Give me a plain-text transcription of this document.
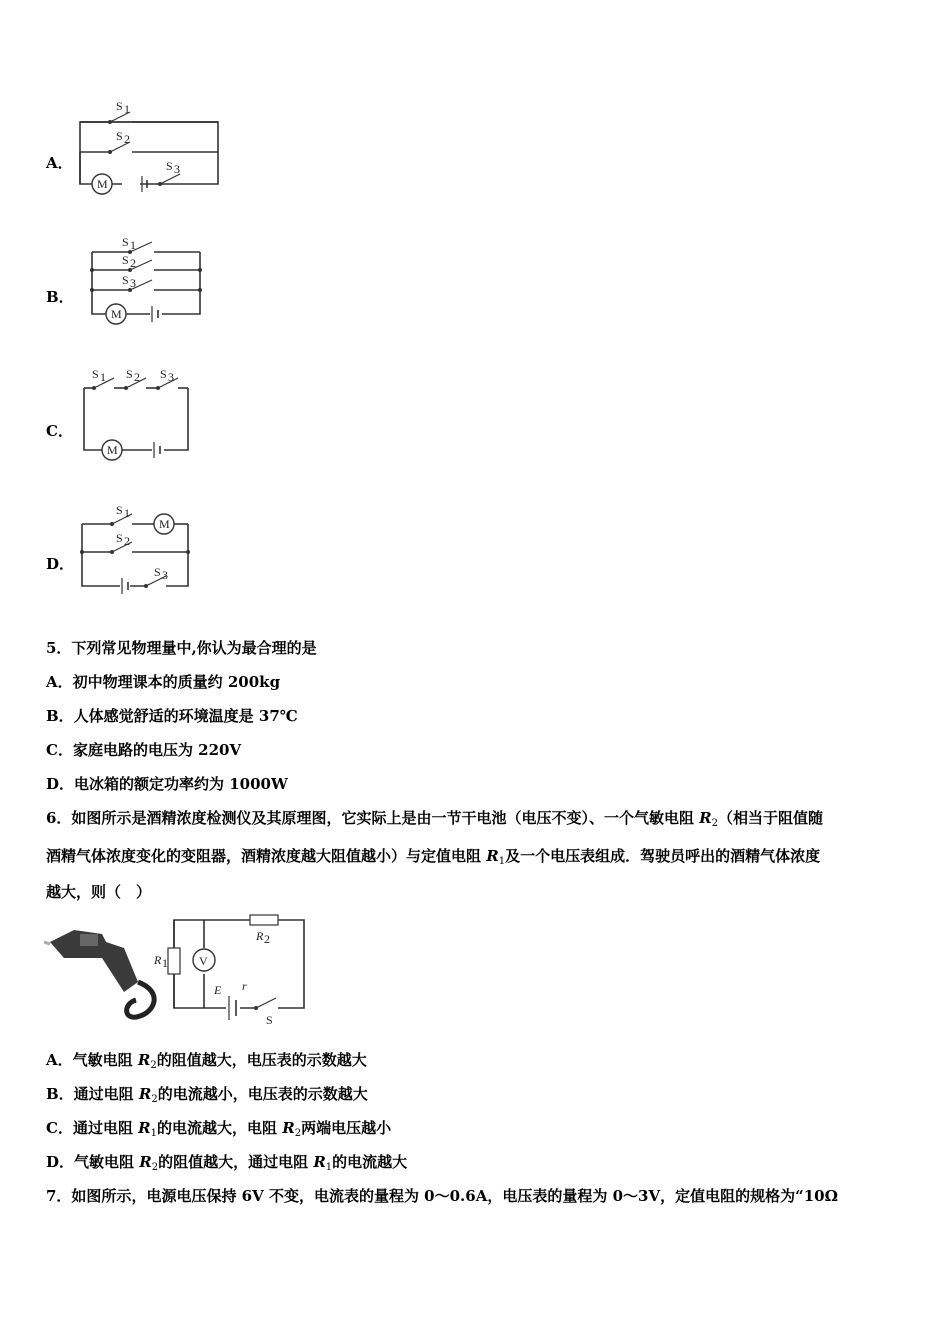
A．
S 1
S 2
M
S 3
B．
S 1
S 2
S 3
M
C．
S 1 S 2 S 3
M
D．
M
S 1
S 2
S 3
5．下列常见物理量中,你认为最合理的是
A．初中物理课本的质量约 200kg
B．人体感觉舒适的环境温度是 37℃
C．家庭电路的电压为 220V
D．电冰箱的额定功率约为 1000W
6．如图所示是酒精浓度检测仪及其原理图，它实际上是由一节干电池（电压不变）、一个气敏电阻 $R_2$（相当于阻值随
酒精气体浓度变化的变阻器，酒精浓度越大阻值越小）与定值电阻 $R_1$及一个电压表组成．驾驶员呼出的酒精气体浓度
越大，则（　）
R 2
R 1	V
E r
S
A．气敏电阻 $R_2$的阻值越大，电压表的示数越大
B．通过电阻 $R_2$的电流越小，电压表的示数越大
C．通过电阻 $R_1$的电流越大，电阻 $R_2$两端电压越小
D．气敏电阻 $R_2$的阻值越大，通过电阻 $R_1$的电流越大
7．如图所示，电源电压保持 6V 不变，电流表的量程为 0～0.6A，电压表的量程为 0～3V，定值电阻的规格为“10Ω
